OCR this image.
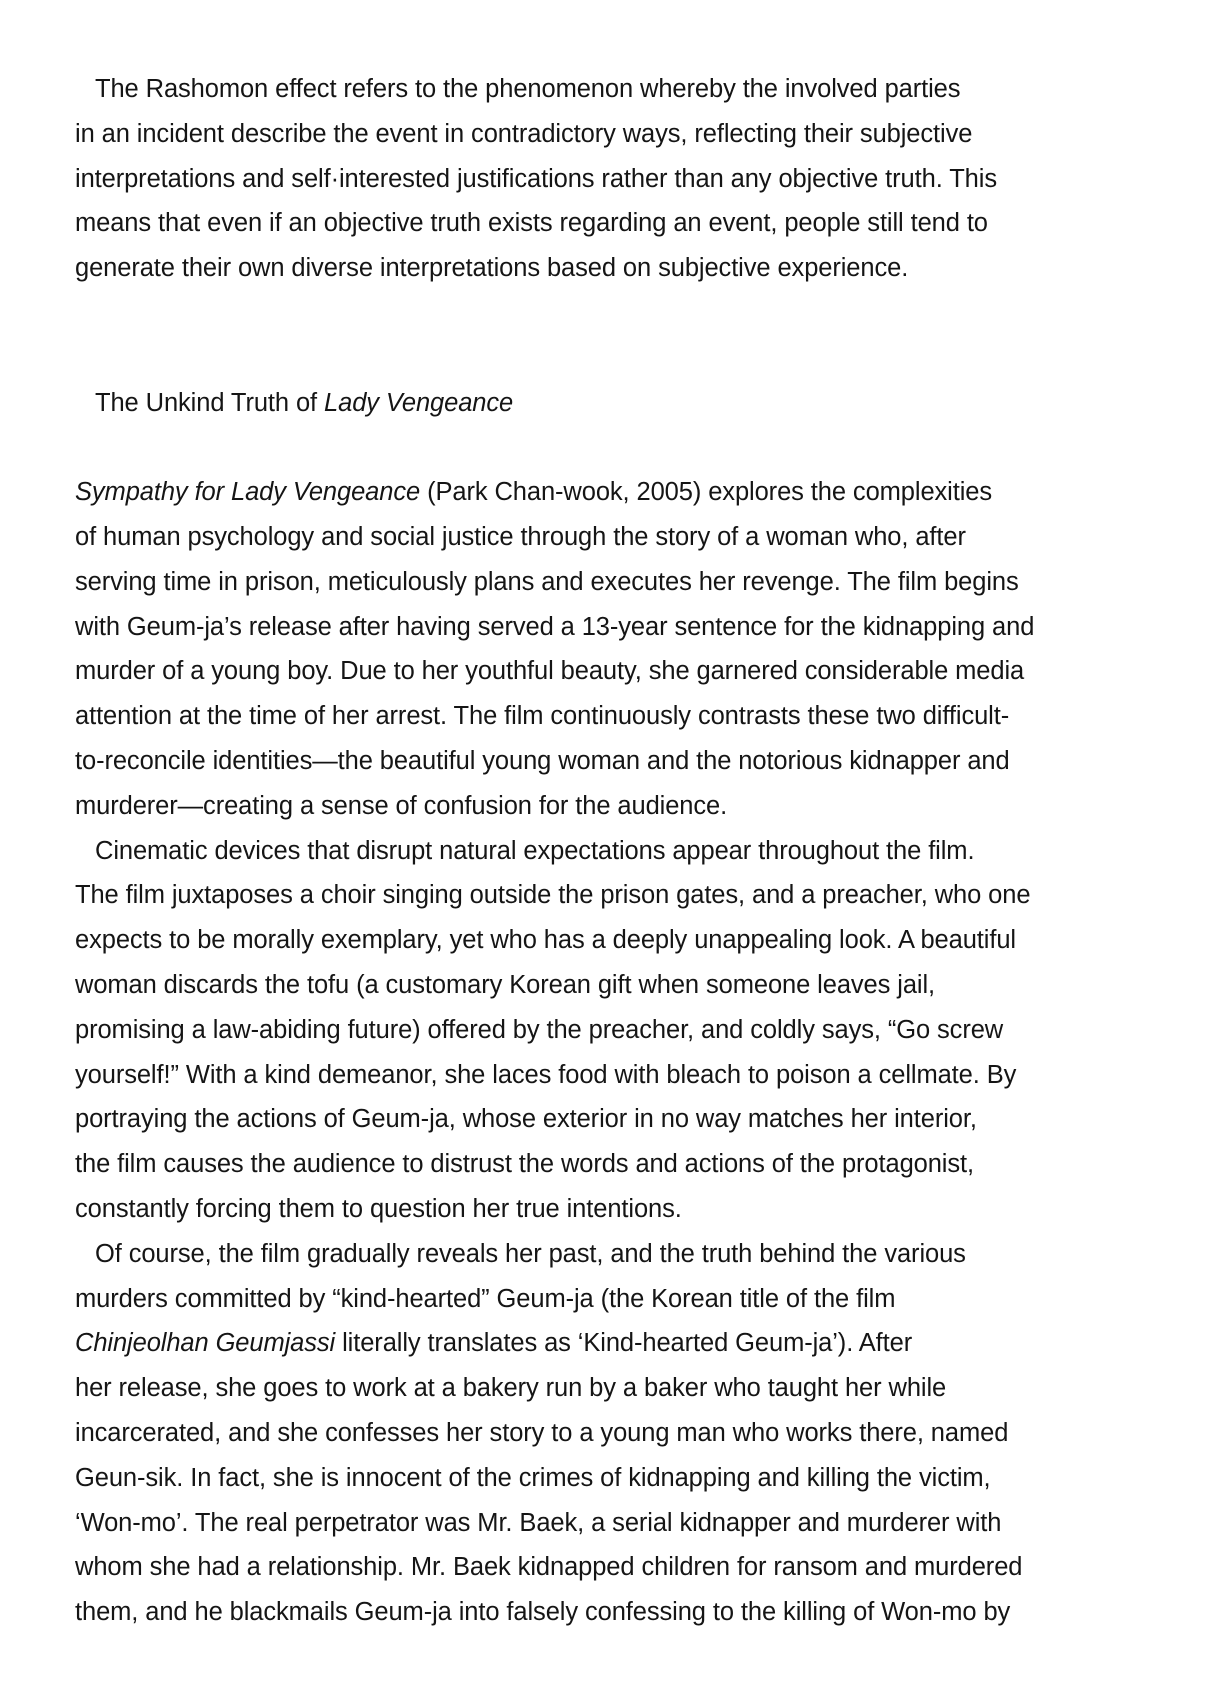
The Rashomon effect refers to the phenomenon whereby the involved parties
in an incident describe the event in contradictory ways, reflecting their subjective
interpretations and self·interested justifications rather than any objective truth. This
means that even if an objective truth exists regarding an event, people still tend to
generate their own diverse interpretations based on subjective experience.
The Unkind Truth of Lady Vengeance
Sympathy for Lady Vengeance (Park Chan-wook, 2005) explores the complexities
of human psychology and social justice through the story of a woman who, after
serving time in prison, meticulously plans and executes her revenge. The film begins
with Geum-ja’s release after having served a 13-year sentence for the kidnapping and
murder of a young boy. Due to her youthful beauty, she garnered considerable media
attention at the time of her arrest. The film continuously contrasts these two difficult-
to-reconcile identities—the beautiful young woman and the notorious kidnapper and
murderer—creating a sense of confusion for the audience.
Cinematic devices that disrupt natural expectations appear throughout the film.
The film juxtaposes a choir singing outside the prison gates, and a preacher, who one
expects to be morally exemplary, yet who has a deeply unappealing look. A beautiful
woman discards the tofu (a customary Korean gift when someone leaves jail,
promising a law-abiding future) offered by the preacher, and coldly says, “Go screw
yourself!” With a kind demeanor, she laces food with bleach to poison a cellmate. By
portraying the actions of Geum-ja, whose exterior in no way matches her interior,
the film causes the audience to distrust the words and actions of the protagonist,
constantly forcing them to question her true intentions.
Of course, the film gradually reveals her past, and the truth behind the various
murders committed by “kind-hearted” Geum-ja (the Korean title of the film
Chinjeolhan Geumjassi literally translates as ‘Kind-hearted Geum-ja’). After
her release, she goes to work at a bakery run by a baker who taught her while
incarcerated, and she confesses her story to a young man who works there, named
Geun-sik. In fact, she is innocent of the crimes of kidnapping and killing the victim,
‘Won-mo’. The real perpetrator was Mr. Baek, a serial kidnapper and murderer with
whom she had a relationship. Mr. Baek kidnapped children for ransom and murdered
them, and he blackmails Geum-ja into falsely confessing to the killing of Won-mo by
